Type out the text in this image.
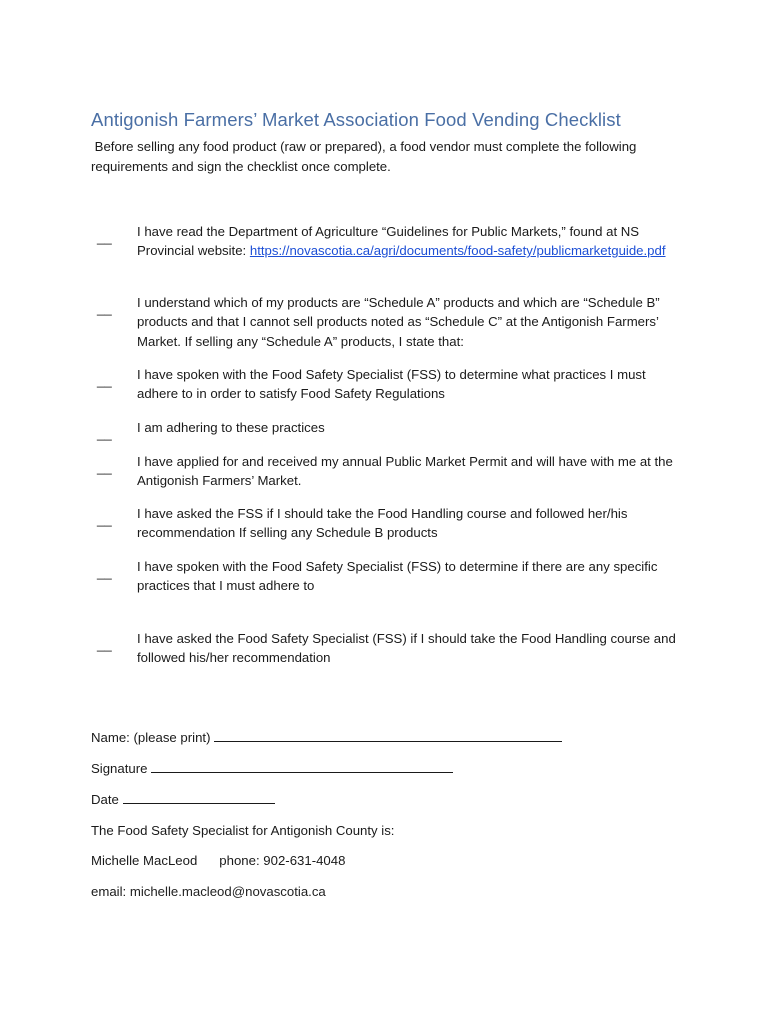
Antigonish Farmers’ Market Association Food Vending Checklist
Before selling any food product (raw or prepared), a food vendor must complete the following
requirements and sign the checklist once complete.
__ I have read the Department of Agriculture “Guidelines for Public Markets,” found at NS Provincial website: https://novascotia.ca/agri/documents/food-safety/publicmarketguide.pdf
__ I understand which of my products are “Schedule A” products and which are “Schedule B” products and that I cannot sell products noted as “Schedule C” at the Antigonish Farmers’ Market. If selling any “Schedule A” products, I state that:
__ I have spoken with the Food Safety Specialist (FSS) to determine what practices I must adhere to in order to satisfy Food Safety Regulations
__ I am adhering to these practices
__ I have applied for and received my annual Public Market Permit and will have with me at the Antigonish Farmers’ Market.
__ I have asked the FSS if I should take the Food Handling course and followed her/his recommendation If selling any Schedule B products
__ I have spoken with the Food Safety Specialist (FSS) to determine if there are any specific practices that I must adhere to
__ I have asked the Food Safety Specialist (FSS) if I should take the Food Handling course and followed his/her recommendation
Name: (please print)
Signature
Date
The Food Safety Specialist for Antigonish County is:
Michelle MacLeod phone: 902-631-4048
email: michelle.macleod@novascotia.ca
